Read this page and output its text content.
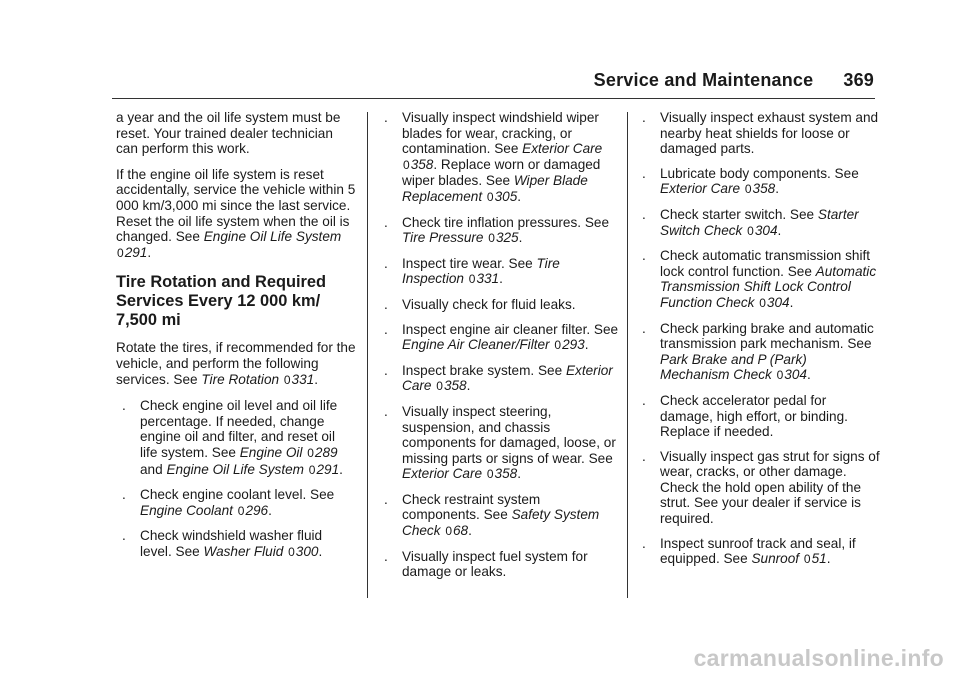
Service and Maintenance 369

a year and the oil life system must be reset. Your trained dealer technician can perform this work.

If the engine oil life system is reset accidentally, service the vehicle within 5 000 km/3,000 mi since the last service. Reset the oil life system when the oil is changed. See Engine Oil Life System 0291.

Tire Rotation and Required Services Every 12 000 km/ 7,500 mi

Rotate the tires, if recommended for the vehicle, and perform the following services. See Tire Rotation 0331.

. Check engine oil level and oil life percentage. If needed, change engine oil and filter, and reset oil life system. See Engine Oil 0289 and Engine Oil Life System 0291.
. Check engine coolant level. See Engine Coolant 0296.
. Check windshield washer fluid level. See Washer Fluid 0300.
. Visually inspect windshield wiper blades for wear, cracking, or contamination. See Exterior Care 0358. Replace worn or damaged wiper blades. See Wiper Blade Replacement 0305.
. Check tire inflation pressures. See Tire Pressure 0325.
. Inspect tire wear. See Tire Inspection 0331.
. Visually check for fluid leaks.
. Inspect engine air cleaner filter. See Engine Air Cleaner/Filter 0293.
. Inspect brake system. See Exterior Care 0358.
. Visually inspect steering, suspension, and chassis components for damaged, loose, or missing parts or signs of wear. See Exterior Care 0358.
. Check restraint system components. See Safety System Check 068.
. Visually inspect fuel system for damage or leaks.
. Visually inspect exhaust system and nearby heat shields for loose or damaged parts.
. Lubricate body components. See Exterior Care 0358.
. Check starter switch. See Starter Switch Check 0304.
. Check automatic transmission shift lock control function. See Automatic Transmission Shift Lock Control Function Check 0304.
. Check parking brake and automatic transmission park mechanism. See Park Brake and P (Park) Mechanism Check 0304.
. Check accelerator pedal for damage, high effort, or binding. Replace if needed.
. Visually inspect gas strut for signs of wear, cracks, or other damage. Check the hold open ability of the strut. See your dealer if service is required.
. Inspect sunroof track and seal, if equipped. See Sunroof 051.
carmanualsonline.info
